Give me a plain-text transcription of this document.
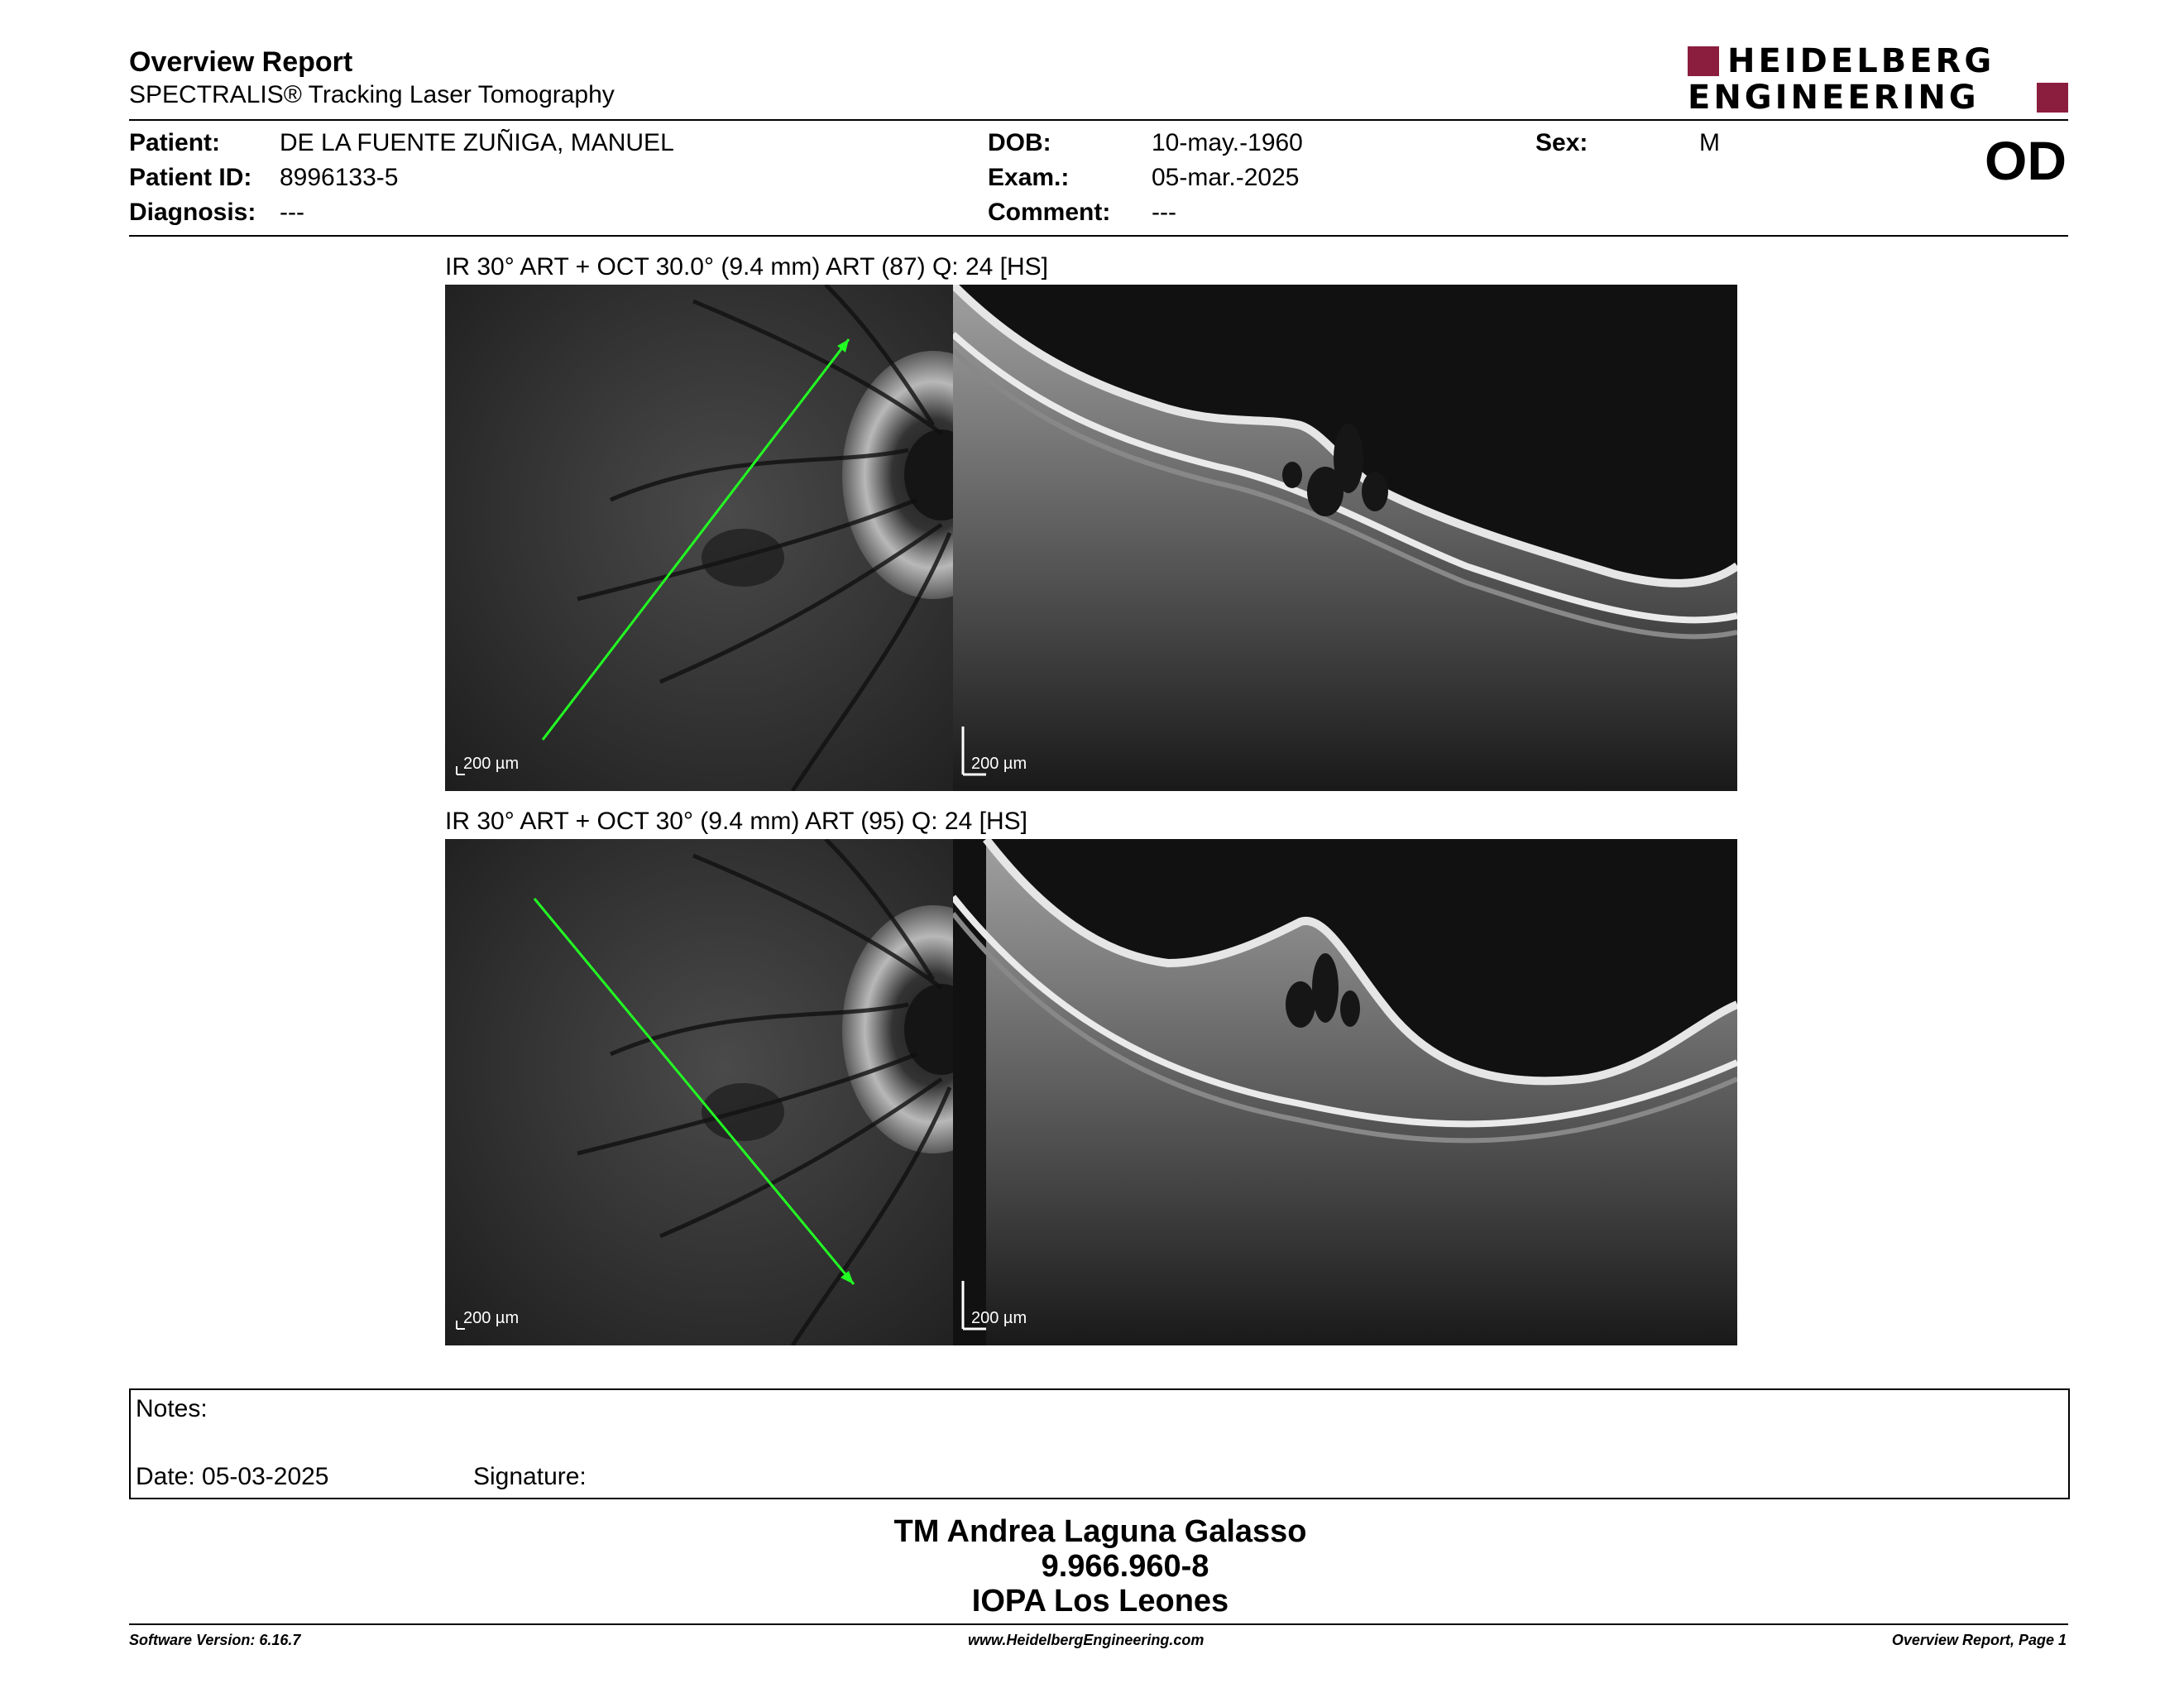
Overview Report
SPECTRALIS® Tracking Laser Tomography
HEIDELBERG
ENGINEERING
Patient: DE LA FUENTE ZUÑIGA, MANUEL
Patient ID: 8996133-5
Diagnosis: ---
DOB:	10-may.-1960
Exam.:	05-mar.-2025
Comment: ---
Sex:	M	OD
IR 30° ART + OCT 30.0° (9.4 mm) ART (87) Q: 24 [HS]
200 µm	200 µm
IR 30° ART + OCT 30° (9.4 mm) ART (95) Q: 24 [HS]
200 µm	200 µm
Notes:
Date: 05-03-2025	Signature:
TM Andrea Laguna Galasso
9.966.960-8
IOPA Los Leones
Software Version: 6.16.7	www.HeidelbergEngineering.com	Overview Report, Page 1
